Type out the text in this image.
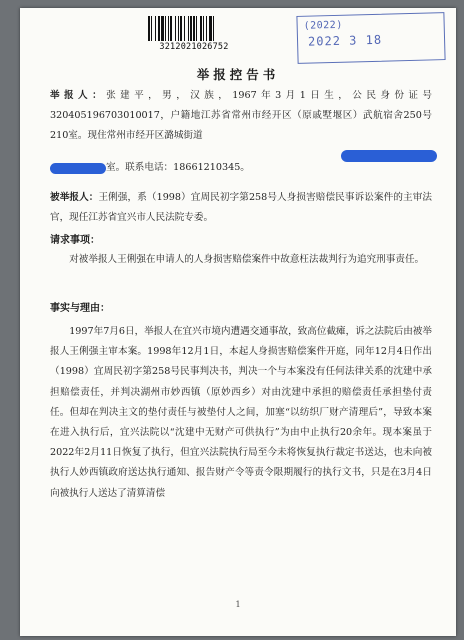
3212021026752
(2022)
2022 3 18
举报控告书
举报人：张建平，男，汉族，1967年3月1日生，公民身份证号320405196703010017，户籍地江苏省常州市经开区（原戚墅堰区）武航宿舍250号210室。现住常州市经开区潞城街道
室。联系电话：18661210345。
被举报人：王俐强，系（1998）宜周民初字第258号人身损害赔偿民事诉讼案件的主审法官，现任江苏省宜兴市人民法院专委。
请求事项：
对被举报人王俐强在申请人的人身损害赔偿案件中故意枉法裁判行为追究刑事责任。
事实与理由：
1997年7月6日，举报人在宜兴市境内遭遇交通事故，致高位截瘫，诉之法院后由被举报人王俐强主审本案。1998年12月1日，本起人身损害赔偿案件开庭，同年12月4日作出（1998）宜周民初字第258号民事判决书，判决一个与本案没有任何法律关系的沈建中承担赔偿责任，并判决湖州市妙西镇（原妙西乡）对由沈建中承担的赔偿责任承担垫付责任。但却在判决主文的垫付责任与被垫付人之间，加塞“以纺织厂财产清理后”，导致本案在进入执行后，宜兴法院以“沈建中无财产可供执行”为由中止执行20余年。现本案虽于2022年2月11日恢复了执行，但宜兴法院执行局至今未将恢复执行裁定书送达，也未向被执行人妙西镇政府送达执行通知、报告财产令等责令限期履行的执行文书，只是在3月4日向被执行人送达了清算清偿
1
